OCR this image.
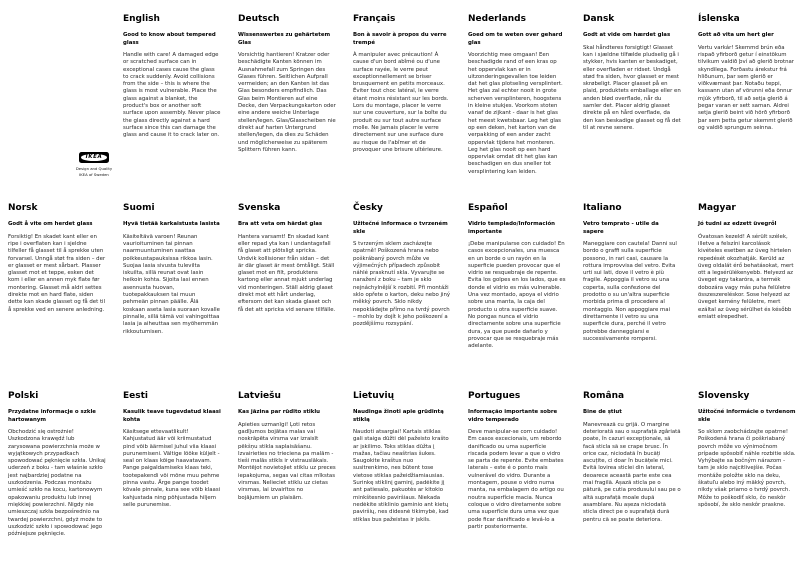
English
Good to know about tempered glass

Handle with care! A damaged edge or scratched surface can in exceptional cases cause the glass to crack suddenly. Avoid collisions from the side – this is where the glass is most vulnerable. Place the glass against a blanket, the product's box or another soft surface upon assembly. Never place the glass directly against a hard surface since this can damage the glass and cause it to crack later on.

Deutsch
Wissenswertes zu gehärtetem Glas

Vorsichtig hantieren! Kratzer oder beschädigte Kanten können im Ausnahmefall zum Springen des Glases führen. Seitlichen Aufprall vermeiden; an den Kanten ist das Glas besonders empfindlich. Das Glas beim Montieren auf eine Decke, den Verpackungskarton oder eine andere weiche Unterlage stellen/legen. Glas/Glasscheiben nie direkt auf harten Untergrund stellen/legen, da dies zu Schäden und möglicherweise zu späterem Splittern führen kann.

Français
Bon à savoir à propos du verre trempé

À manipuler avec précaution! À cause d'un bord abîmé ou d'une surface rayée, le verre peut exceptionnellement se briser brusquement en petits morceaux. Éviter tout choc latéral, le verre étant moins résistant sur les bords. Lors du montage, placer le verre sur une couverture, sur la boîte du produit ou sur tout autre surface molle. Ne jamais placer le verre directement sur une surface dure au risque de l'abîmer et de provoquer une brisure ultérieure.

Nederlands
Goed om te weten over gehard glas

Voorzichtig mee omgaan! Een beschadigde rand of een kras op het oppervlak kan er in uitzonderingsgevallen toe leiden dat het glas plotseling versplintert. Het glas zal echter nooit in grote scherven versplinteren, hoogstens in kleine stukjes. Voorkom stoten vanaf de zijkant - daar is het glas het meest kwetsbaar. Leg het glas op een deken, het karton van de verpakking of een ander zacht oppervlak tijdens het monteren. Leg het glas nooit op een hard oppervlak omdat dit het glas kan beschadigen en dus sneller tot versplintering kan leiden.

Dansk
Godt at vide om hærdet glas

Skal håndteres forsigtigt! Glasset kan i sjældne tilfælde pludselig gå i stykker, hvis kanten er beskadiget, eller overfladen er ridset. Undgå stød fra siden, hvor glasset er mest skrøbeligt. Placer glasset på en plaid, produktets emballage eller en anden blød overflade, når du samler det. Placer aldrig glasset direkte på en hård overflade, da den kan beskadige glasset og få det til at revne senere.

Íslenska
Gott að vita um hert gler

Vertu varkár! Skemmd brún eða rispað yfirborð getur í einstökum tilvikum valdið því að glerið brotnar skyndilega. Forðastu árekstur frá hliðunum, þar sem glerið er viðkvæmast þar. Notaðu teppi, kassann utan af vörunni eða önnur mjúk yfirborð, til að setja glerið á þegar varan er sett saman. Aldrei setja glerið beint við hörð yfirborð þar sem þetta getur skemmt glerið og valdið sprungum seinna.

IKEA
Design and Quality
IKEA of Sweden
Norsk
Godt å vite om herdet glass

Forsiktig! En skadet kant eller en ripe i overflaten kan i sjeldne tilfeller få glasset til å sprekke uten forvarsel. Unngå støt fra siden – der er glasset er mest sårbart. Plasser glasset mot et teppe, esken det kom i eller en annen myk flate før montering. Glasset må aldri settes direkte mot en hard flate, siden dette kan skade glasset og få det til å sprekke ved en senere anledning.

Suomi
Hyvä tietää karkaistusta lasista

Käsiteltävä varoen! Reunan vaurioituminen tai pinnan naarmuuntuminen saattaa poikkeustapauksissa rikkoa lasin. Suojaa lasia sivusta tulevilta iskuilta, sillä reunat ovat lasin heikoin kohta. Sijoita lasi ennen asennusta huovan, tuotepakkauksen tai muun pehmeän pinnan päälle. Älä koskaan aseta lasia suoraan kovalle pinnalle, sillä tämä voi vahingoittaa lasia ja aiheuttaa sen myöhemmän rikkoutumisen.

Svenska
Bra att veta om härdat glas

Hantera varsamt! En skadad kant eller repad yta kan i undantagsfall få glaset att plötsligt spricka. Undvik kollisioner från sidan – det är där glaset är mest ömtåligt. Ställ glaset mot en filt, produktens kartong eller annat mjukt underlag vid monteringen. Ställ aldrig glaset direkt mot ett hårt underlag, eftersom det kan skada glaset och få det att spricka vid senare tillfälle.

Česky
Užitečné informace o tvrzeném skle

S tvrzeným sklem zacházejte opatrně! Poškozená hrana nebo poškrábaný povrch může ve výjimečných případech způsobit náhlé prasknutí skla. Vyvarujte se naražení z boku – tam je sklo nejnáchylnější k rozbití. Při montáži sklo opřete o karton, deku nebo jiný měkký povrch. Sklo nikdy nepokládejte přímo na tvrdý povrch – mohlo by dojít k jeho poškození a pozdějšímu rozsypání.

Español
Vidrio templado/Información importante

¡Debe manipularse con cuidado! En casos excepcionales, una muesca en un borde o un rayón en la superficie pueden provocar que el vidrio se resquebraje de repente. Evita los golpes en los lados, que es donde el vidrio es más vulnerable. Una vez montado, apoya el vidrio sobre una manta, la caja del producto u otra superficie suave. No pongas nunca el vidrio directamente sobre una superficie dura, ya que puede dañarlo y provocar que se resquebraje más adelante.

Italiano
Vetro temprato - utile da sapere

Maneggiare con cautela! Danni sul bordo o graffi sulla superficie possono, in rari casi, causare la rottura improvvisa del vetro. Evita urti sui lati, dove il vetro è più fragile. Appoggia il vetro su una coperta, sulla confezione del prodotto o su un'altra superficie morbida prima di procedere al montaggio. Non appoggiare mai direttamente il vetro su una superficie dura, perché il vetro potrebbe danneggiarsi e successivamente rompersi.

Magyar
Jó tudni az edzett üvegről

Óvatosan kezeld! A sérült szélek, illetve a felszíni karcolások kivételes esetben az üveg hirtelen repedését okozhatják. Kerüld az üveg oldalát érő behatásokat, mert ott a legsérülékenyebb. Helyezd az üveget egy takaróra, a termék dobozára vagy más puha felületre összeszereléskor. Sose helyezd az üveget kemény felületre, mert ezáltal az üveg sérülhet és később emiatt elrepedhet.

Polski
Przydatne informacje o szkle hartowanym

Obchodzić się ostrożnie! Uszkodzona krawędź lub zarysowana powierzchnia może w wyjątkowych przypadkach spowodować pęknięcie szkła. Unikaj uderzeń z boku - tam właśnie szkło jest najbardziej podatne na uszkodzenia. Podczas montażu umieść szkło na kocu, kartonowym opakowaniu produktu lub innej miękkiej powierzchni. Nigdy nie umieszczaj szkła bezpośrednio na twardej powierzchni, gdyż może to uszkodzić szkło i spowodować jego późniejsze pęknięcie.

Eesti
Kasulik teave tugevdatud klaasi kohta

Käsitsege ettevaatlikult! Kahjustatud äär või kriimustatud pind võib äärmisel juhul viia klaasi purunemiseni. Vältige lööke küljelt - seal on klaas kõige haavatavam. Pange paigaldamiseks klaas teki, tootepakendi või mõne muu pehme pinna vastu. Ärge pange toodet kõvale pinnale, kuna see võib klaasi kahjustada ning põhjustada hiljem selle purunemise.

Latviešu
Kas jāzina par rūdīto stiklu

Apieties uzmanīgi! Ļoti retos gadījumos bojātas malas vai noskrāpēta virsma var izraisīt pēkšņu stikla saplaisāšanu. Izvairieties no trieciena pa malām - tieši malās stikls ir vistrauslākais. Montējot novietojiet stiklu uz preces iepakojuma, segas vai citas mīkstas virsmas. Nelieciet stiklu uz cietas virsmas, lai izvairītos no bojājumiem un plaisām.

Lietuvių
Naudinga žinoti apie grūdintą stiklą

Naudoti atsargiai! Kartais stiklas gali staiga dūžti dėl pažeisto krašto ar įskilimo. Toks stiklas dūžta į mažas, tačiau neaštrias šukes. Saugokite kraštus nuo susitrenkimo, nes būtent tose vietose stiklas pažeidžiamiausias. Surinkę stiklinį gaminį, padėkite jį ant patiesalo, pakuotės ar kitokio minkštesnio paviršiaus. Niekada nedėkite stiklinio gaminio ant kietų paviršių, nes didesnė tikimybė, kad stiklas bus pažeistas ir įskils.

Portugues
Informação importante sobre vidro temperado

Deve manipular-se com cuidado! Em casos excecionais, um rebordo danificado ou uma superfície riscada podem levar a que o vidro se parta de repente. Evite embates laterais – este é o ponto mais vulnerável do vidro. Durante a montagem, pouse o vidro numa manta, na embalagem do artigo ou noutra superfície macia. Nunca coloque o vidro diretamente sobre uma superfície dura uma vez que pode ficar danificado e levá-lo a partir posteriormente.

Româna
Bine de știut

Manevrează cu grijă. O margine deteriorată sau o suprafață zgâriată poate, în cazuri excepționale, să facă sticla să se crape brusc. În orice caz, niciodată în bucăți ascuțite, ci doar în bucățele mici. Evită lovirea sticlei din lateral, deoarece această parte este cea mai fragilă. Așază sticla pe o pătură, pe cutia produsului sau pe o altă suprafață moale după asamblare. Nu așeza niciodată sticla direct pe o suprafață dură pentru că se poate deteriora.

Slovensky
Užitočné informácie o tvrdenom skle

So sklom zaobchádzajte opatrne! Poškodená hrana či poškriabaný povrch môže vo výnimočnom prípade spôsobiť náhle rozbitie skla. Vyhýbajte sa bočným nárazom - tam je sklo najcitlivejšie. Počas montáže položte sklo na deku, škatuľu alebo iný mäkký povrch, nikdy však priamo o tvrdý povrch. Môže to poškodiť sklo, čo neskôr spôsobí, že sklo neskôr praskne.
